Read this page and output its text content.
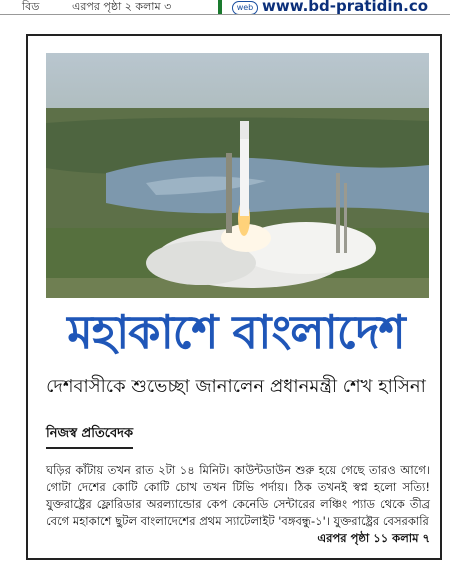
বিড	এরপর পৃষ্ঠা ২ কলাম ৩	web www.bd-pratidin.co
মহাকাশে বাংলাদেশ
দেশবাসীকে শুভেচ্ছা জানালেন প্রধানমন্ত্রী শেখ হাসিনা
নিজস্ব প্রতিবেদক

ঘড়ির কাঁটায় তখন রাত ২টা ১৪ মিনিট। কাউন্টডাউন শুরু হয়ে গেছে তারও আগে। গোটা দেশের কোটি কোটি চোখ তখন টিভি পর্দায়। ঠিক তখনই স্বপ্ন হলো সত্যি! যুক্তরাষ্ট্রের ফ্লোরিডার অরল্যান্ডোর কেপ কেনেডি সেন্টারের লঞ্চিং প্যাড থেকে তীব্র বেগে মহাকাশে ছুটল বাংলাদেশের প্রথম স্যাটেলাইট 'বঙ্গবন্ধু-১'। যুক্তরাষ্ট্রের বেসরকারি
এরপর পৃষ্ঠা ১১ কলাম ৭
